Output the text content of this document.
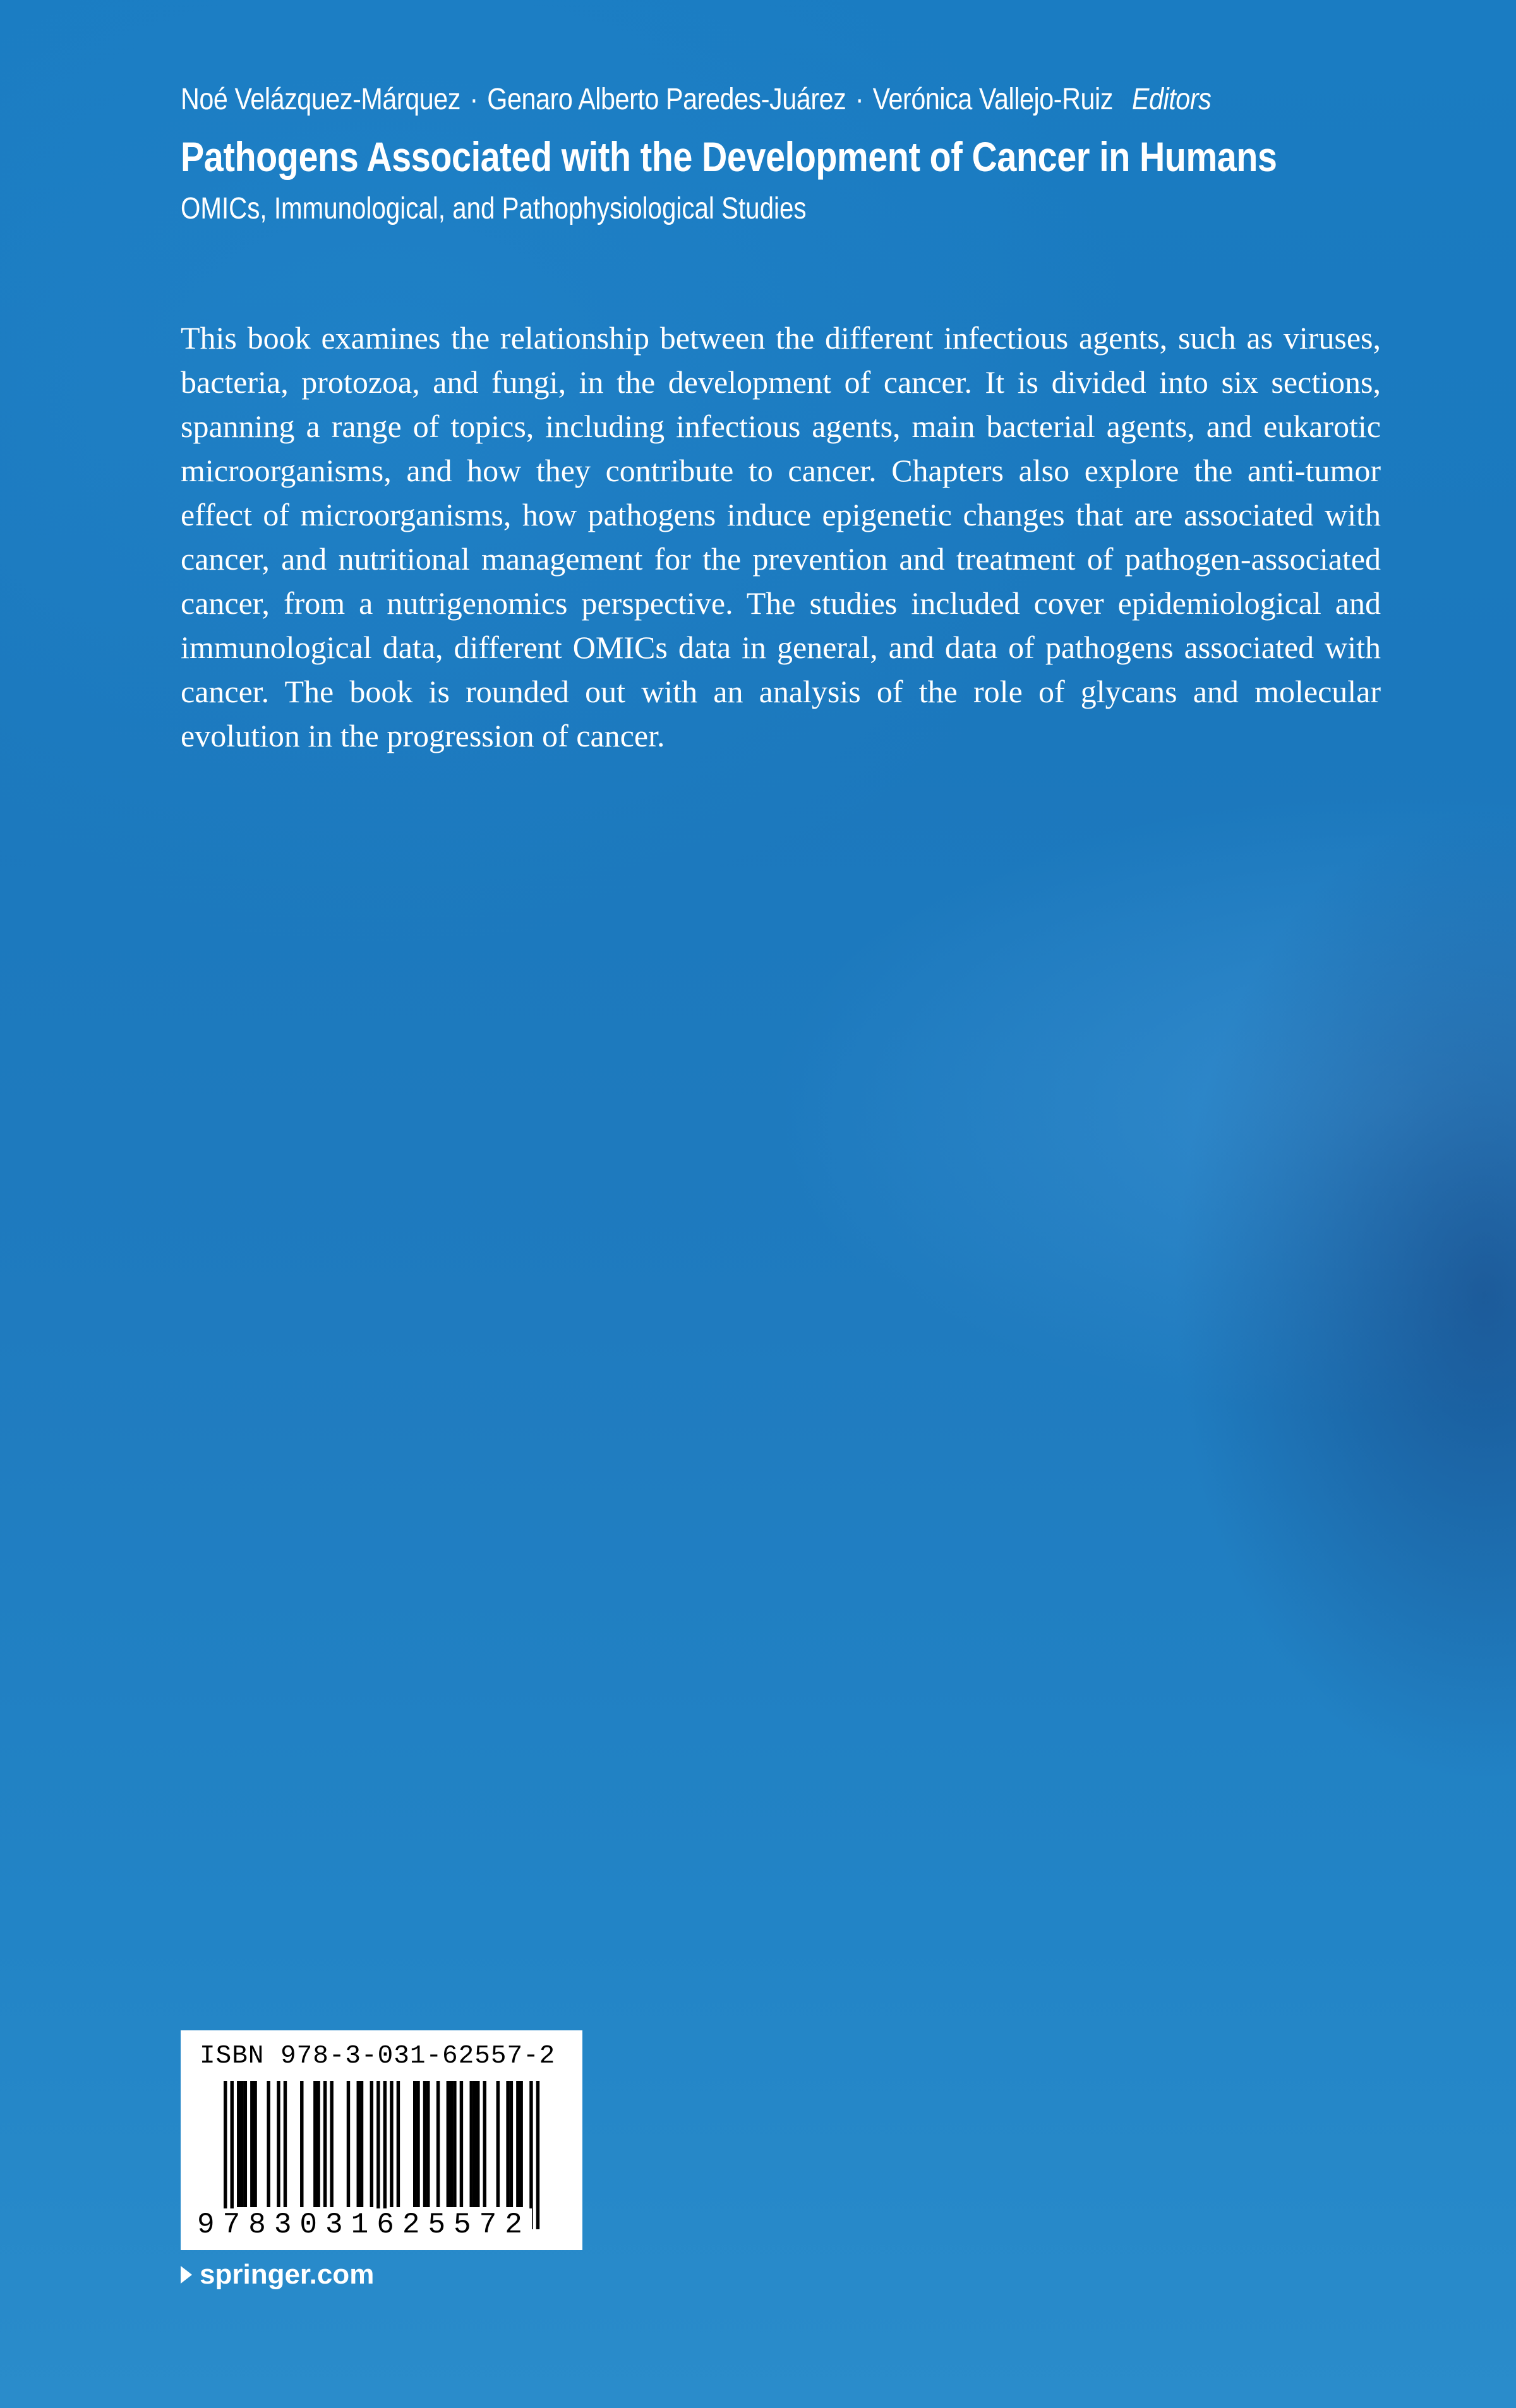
Noé Velázquez-Márquez · Genaro Alberto Paredes-Juárez · Verónica Vallejo-Ruiz Editors
Pathogens Associated with the Development of Cancer in Humans
OMICs, Immunological, and Pathophysiological Studies
This book examines the relationship between the different infectious agents, such as viruses, bacteria, protozoa, and fungi, in the development of cancer. It is divided into six sections, spanning a range of topics, including infectious agents, main bacterial agents, and eukarotic microorganisms, and how they contribute to cancer. Chapters also explore the anti-tumor effect of microorganisms, how pathogens induce epigenetic changes that are associated with cancer, and nutritional management for the prevention and treatment of pathogen-associated cancer, from a nutrigenomics perspective. The studies included cover epidemiological and immunological data, different OMICs data in general, and data of pathogens associated with cancer. The book is rounded out with an analysis of the role of glycans and molecular evolution in the progression of cancer.
ISBN 978-3-031-62557-2
9783031625572
springer.com
